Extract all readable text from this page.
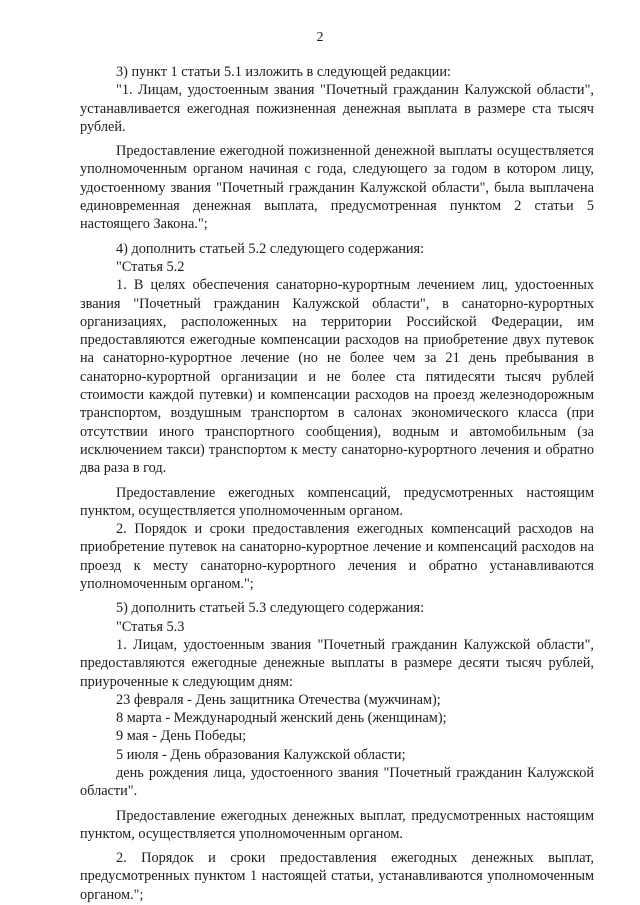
2

3) пункт 1 статьи 5.1 изложить в следующей редакции:

"1. Лицам, удостоенным звания "Почетный гражданин Калужской области", устанавливается ежегодная пожизненная денежная выплата в размере ста тысяч рублей.

Предоставление ежегодной пожизненной денежной выплаты осуществляется уполномоченным органом начиная с года, следующего за годом в котором лицу, удостоенному звания "Почетный гражданин Калужской области", была выплачена единовременная денежная выплата, предусмотренная пунктом 2 статьи 5 настоящего Закона.";

4) дополнить статьей 5.2 следующего содержания:

"Статья 5.2

1. В целях обеспечения санаторно-курортным лечением лиц, удостоенных звания "Почетный гражданин Калужской области", в санаторно-курортных организациях, расположенных на территории Российской Федерации, им предоставляются ежегодные компенсации расходов на приобретение двух путевок на санаторно-курортное лечение (но не более чем за 21 день пребывания в санаторно-курортной организации и не более ста пятидесяти тысяч рублей стоимости каждой путевки) и компенсации расходов на проезд железнодорожным транспортом, воздушным транспортом в салонах экономического класса (при отсутствии иного транспортного сообщения), водным и автомобильным (за исключением такси) транспортом к месту санаторно-курортного лечения и обратно два раза в год.

Предоставление ежегодных компенсаций, предусмотренных настоящим пунктом, осуществляется уполномоченным органом.

2. Порядок и сроки предоставления ежегодных компенсаций расходов на приобретение путевок на санаторно-курортное лечение и компенсаций расходов на проезд к месту санаторно-курортного лечения и обратно устанавливаются уполномоченным органом.";

5) дополнить статьей 5.3 следующего содержания:

"Статья 5.3

1. Лицам, удостоенным звания "Почетный гражданин Калужской области", предоставляются ежегодные денежные выплаты в размере десяти тысяч рублей, приуроченные к следующим дням:

23 февраля - День защитника Отечества (мужчинам);

8 марта - Международный женский день (женщинам);

9 мая - День Победы;

5 июля - День образования Калужской области;

день рождения лица, удостоенного звания "Почетный гражданин Калужской области".

Предоставление ежегодных денежных выплат, предусмотренных настоящим пунктом, осуществляется уполномоченным органом.

2. Порядок и сроки предоставления ежегодных денежных выплат, предусмотренных пунктом 1 настоящей статьи, устанавливаются уполномоченным органом.";
